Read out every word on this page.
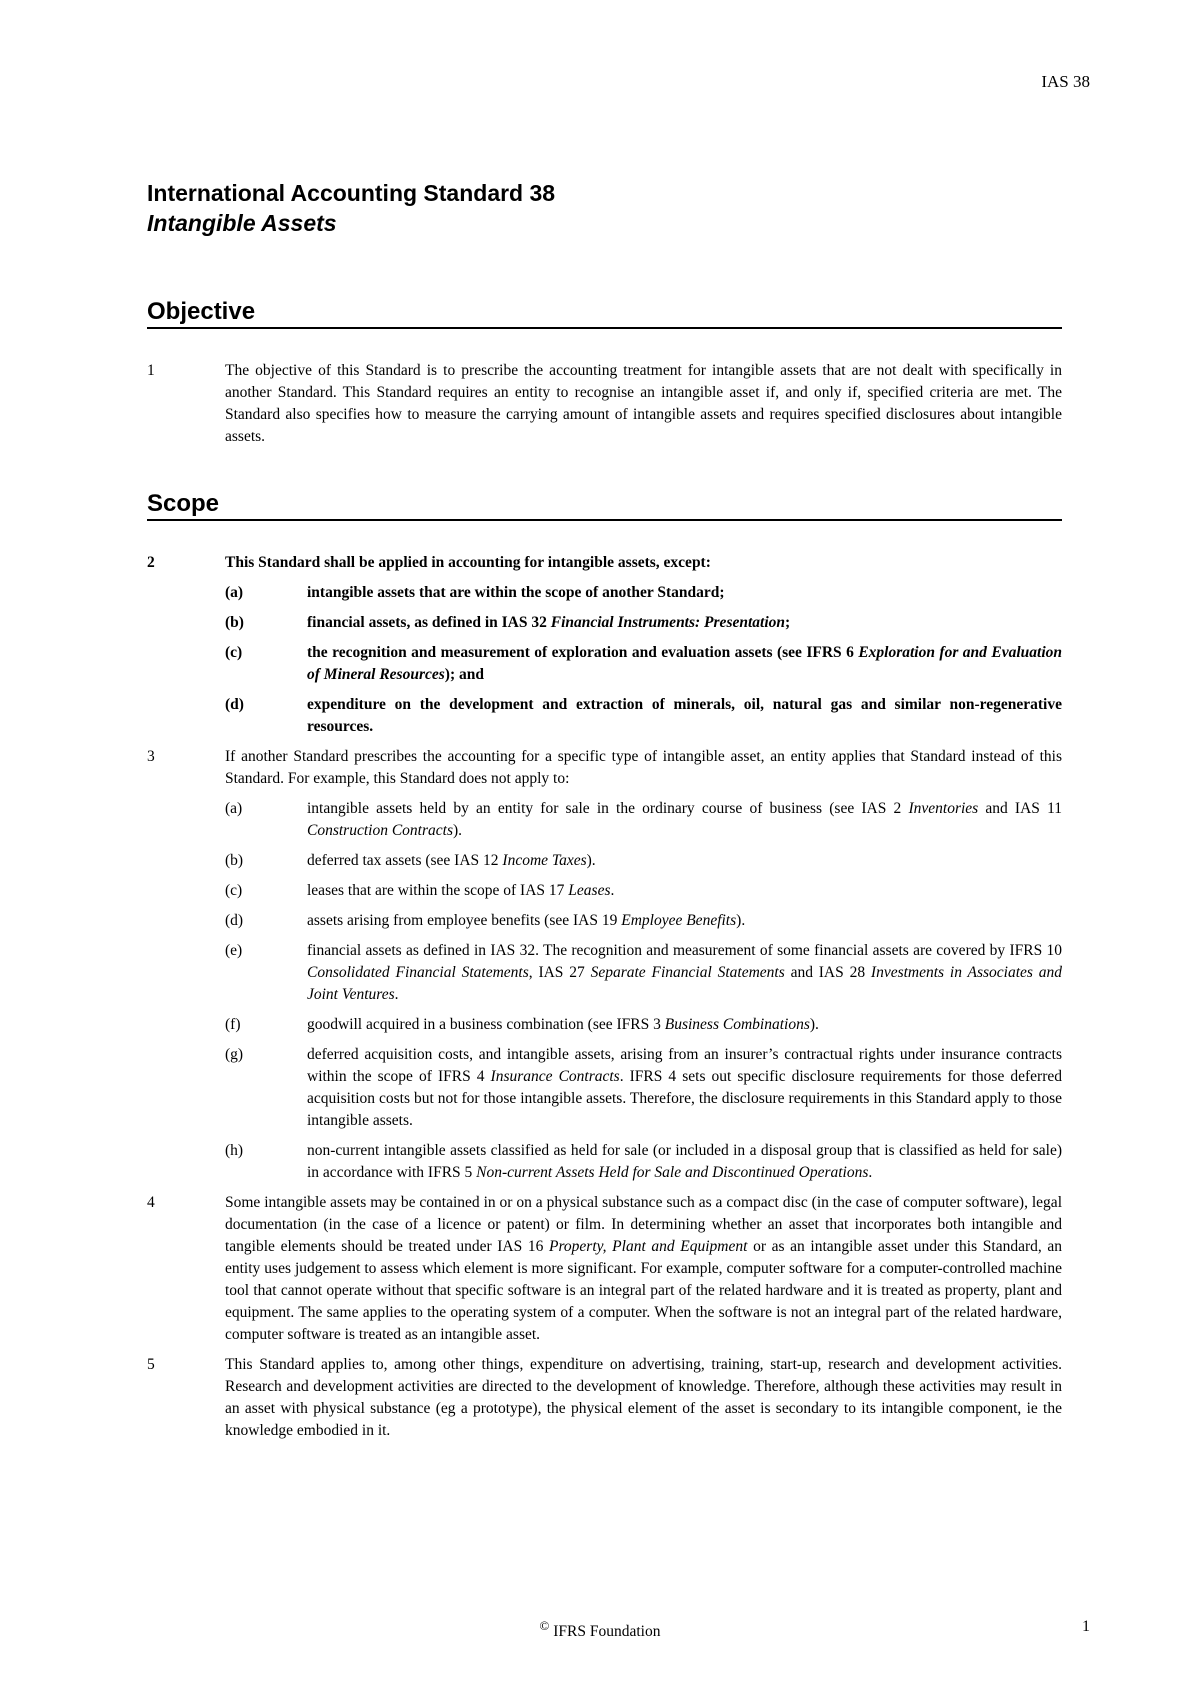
IAS 38
International Accounting Standard 38
Intangible Assets
Objective
1	The objective of this Standard is to prescribe the accounting treatment for intangible assets that are not dealt with specifically in another Standard. This Standard requires an entity to recognise an intangible asset if, and only if, specified criteria are met. The Standard also specifies how to measure the carrying amount of intangible assets and requires specified disclosures about intangible assets.
Scope
2	This Standard shall be applied in accounting for intangible assets, except:
(a)	intangible assets that are within the scope of another Standard;
(b)	financial assets, as defined in IAS 32 Financial Instruments: Presentation;
(c)	the recognition and measurement of exploration and evaluation assets (see IFRS 6 Exploration for and Evaluation of Mineral Resources); and
(d)	expenditure on the development and extraction of minerals, oil, natural gas and similar non-regenerative resources.
3	If another Standard prescribes the accounting for a specific type of intangible asset, an entity applies that Standard instead of this Standard. For example, this Standard does not apply to:
(a)	intangible assets held by an entity for sale in the ordinary course of business (see IAS 2 Inventories and IAS 11 Construction Contracts).
(b)	deferred tax assets (see IAS 12 Income Taxes).
(c)	leases that are within the scope of IAS 17 Leases.
(d)	assets arising from employee benefits (see IAS 19 Employee Benefits).
(e)	financial assets as defined in IAS 32. The recognition and measurement of some financial assets are covered by IFRS 10 Consolidated Financial Statements, IAS 27 Separate Financial Statements and IAS 28 Investments in Associates and Joint Ventures.
(f)	goodwill acquired in a business combination (see IFRS 3 Business Combinations).
(g)	deferred acquisition costs, and intangible assets, arising from an insurer’s contractual rights under insurance contracts within the scope of IFRS 4 Insurance Contracts. IFRS 4 sets out specific disclosure requirements for those deferred acquisition costs but not for those intangible assets. Therefore, the disclosure requirements in this Standard apply to those intangible assets.
(h)	non-current intangible assets classified as held for sale (or included in a disposal group that is classified as held for sale) in accordance with IFRS 5 Non-current Assets Held for Sale and Discontinued Operations.
4	Some intangible assets may be contained in or on a physical substance such as a compact disc (in the case of computer software), legal documentation (in the case of a licence or patent) or film. In determining whether an asset that incorporates both intangible and tangible elements should be treated under IAS 16 Property, Plant and Equipment or as an intangible asset under this Standard, an entity uses judgement to assess which element is more significant. For example, computer software for a computer-controlled machine tool that cannot operate without that specific software is an integral part of the related hardware and it is treated as property, plant and equipment. The same applies to the operating system of a computer. When the software is not an integral part of the related hardware, computer software is treated as an intangible asset.
5	This Standard applies to, among other things, expenditure on advertising, training, start-up, research and development activities. Research and development activities are directed to the development of knowledge. Therefore, although these activities may result in an asset with physical substance (eg a prototype), the physical element of the asset is secondary to its intangible component, ie the knowledge embodied in it.
© IFRS Foundation	1
